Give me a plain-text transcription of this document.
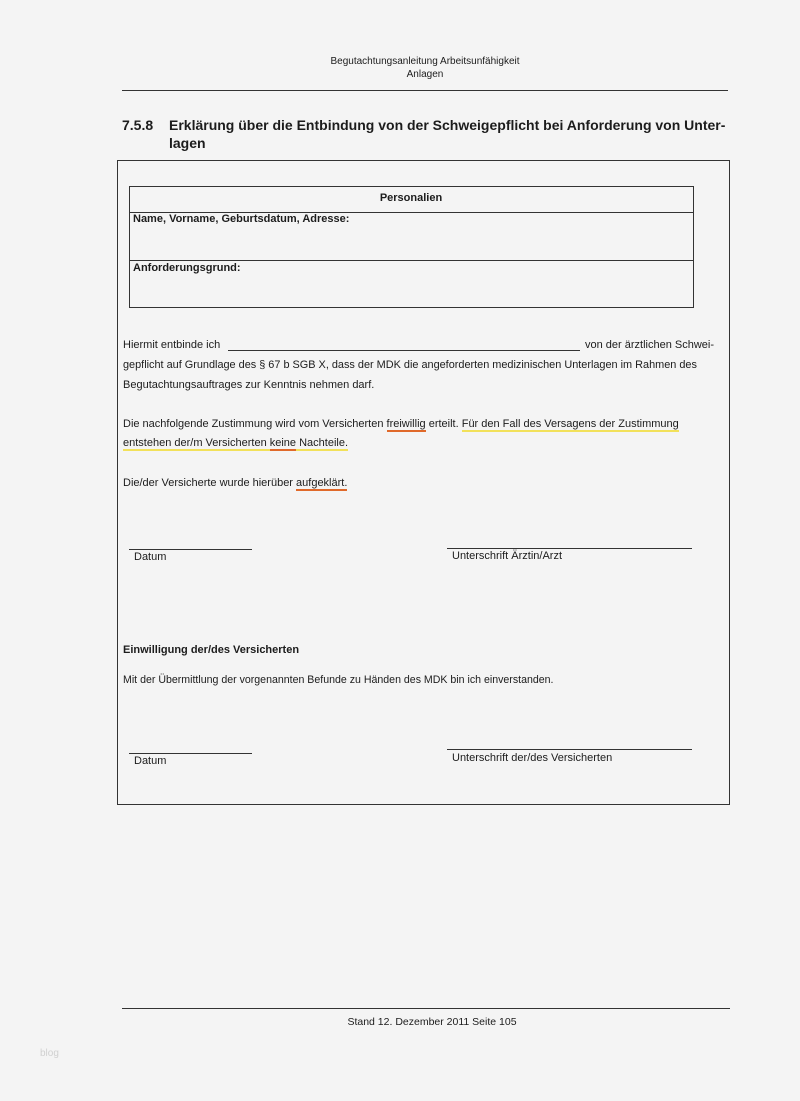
Begutachtungsanleitung Arbeitsunfähigkeit
Anlagen
7.5.8 Erklärung über die Entbindung von der Schweigepflicht bei Anforderung von Unter-
lagen
Personalien
Name, Vorname, Geburtsdatum, Adresse:
Anforderungsgrund:
Hiermit entbinde ich	von der ärztlichen Schwei-
gepflicht auf Grundlage des § 67 b SGB X, dass der MDK die angeforderten medizinischen Unterlagen im Rahmen des
Begutachtungsauftrages zur Kenntnis nehmen darf.
Die nachfolgende Zustimmung wird vom Versicherten freiwillig erteilt. Für den Fall des Versagens der Zustimmung
entstehen der/m Versicherten keine Nachteile.
Die/der Versicherte wurde hierüber aufgeklärt.
Datum	Unterschrift Ärztin/Arzt
Einwilligung der/des Versicherten
Mit der Übermittlung der vorgenannten Befunde zu Händen des MDK bin ich einverstanden.
Datum	Unterschrift der/des Versicherten
Stand 12. Dezember 2011 Seite 105
blog
